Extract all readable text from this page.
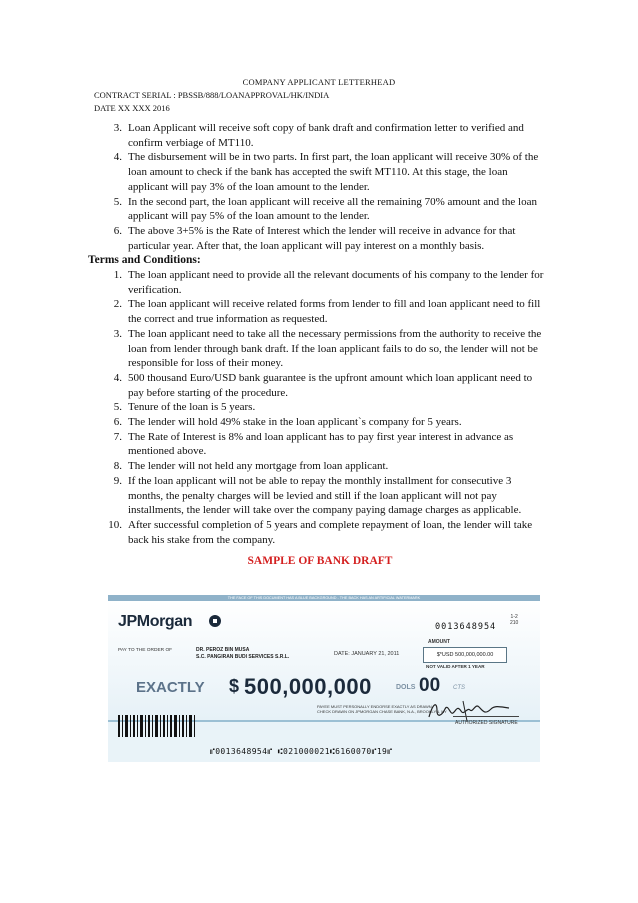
COMPANY APPLICANT LETTERHEAD
CONTRACT SERIAL : PBSSB/888/LOANAPPROVAL/HK/INDIA
DATE XX XXX 2016
3. Loan Applicant will receive soft copy of bank draft and confirmation letter to verified and confirm verbiage of MT110.
4. The disbursement will be in two parts. In first part, the loan applicant will receive 30% of the loan amount to check if the bank has accepted the swift MT110. At this stage, the loan applicant will pay 3% of the loan amount to the lender.
5. In the second part, the loan applicant will receive all the remaining 70% amount and the loan applicant will pay 5% of the loan amount to the lender.
6. The above 3+5% is the Rate of Interest which the lender will receive in advance for that particular year. After that, the loan applicant will pay interest on a monthly basis.
Terms and Conditions:
1. The loan applicant need to provide all the relevant documents of his company to the lender for verification.
2. The loan applicant will receive related forms from lender to fill and loan applicant need to fill the correct and true information as requested.
3. The loan applicant need to take all the necessary permissions from the authority to receive the loan from lender through bank draft. If the loan applicant fails to do so, the lender will not be responsible for loss of their money.
4. 500 thousand Euro/USD bank guarantee is the upfront amount which loan applicant need to pay before starting of the procedure.
5. Tenure of the loan is 5 years.
6. The lender will hold 49% stake in the loan applicant`s company for 5 years.
7. The Rate of Interest is 8% and loan applicant has to pay first year interest in advance as mentioned above.
8. The lender will not held any mortgage from loan applicant.
9. If the loan applicant will not be able to repay the monthly installment for consecutive 3 months, the penalty charges will be levied and still if the loan applicant will not pay installments, the lender will take over the company paying damage charges as applicable.
10. After successful completion of 5 years and complete repayment of loan, the lender will take back his stake from the company.
SAMPLE OF BANK DRAFT
THE FACE OF THIS DOCUMENT HAS A BLUE BACKGROUND - THE BACK HAS AN ARTIFICIAL WATERMARK
JPMorgan	0013648954
1-2
210
PAY TO THE ORDER OF	DR. PEROZ BIN MUSA
S.C. PANGIRAN BUDI SERVICES S.R.L.	DATE: JANUARY 21, 2011
AMOUNT
$*USD 500,000,000.00
NOT VALID AFTER 1 YEAR
EXACTLY $ 500,000,000	DOLS 00 CTS
PAYEE MUST PERSONALLY ENDORSE EXACTLY AS DRAWN
CHECK DRAWN ON JPMORGAN CHASE BANK, N.A., BROOKLYN, NY
AUTHORIZED SIGNATURE
⑈0013648954⑈ ⑆021000021⑆6160070⑈19⑈
